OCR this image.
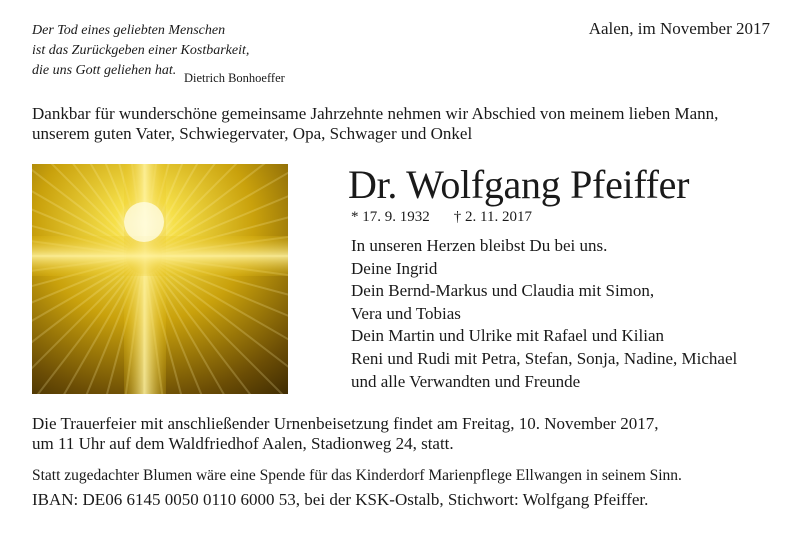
Der Tod eines geliebten Menschen
ist das Zurückgeben einer Kostbarkeit,
die uns Gott geliehen hat. Dietrich Bonhoeffer
Aalen, im November 2017
Dankbar für wunderschöne gemeinsame Jahrzehnte nehmen wir Abschied von meinem lieben Mann,
unserem guten Vater, Schwiegervater, Opa, Schwager und Onkel
Dr. Wolfgang Pfeiffer
* 17. 9. 1932 † 2. 11. 2017
In unseren Herzen bleibst Du bei uns.
Deine Ingrid
Dein Bernd-Markus und Claudia mit Simon,
Vera und Tobias
Dein Martin und Ulrike mit Rafael und Kilian
Reni und Rudi mit Petra, Stefan, Sonja, Nadine, Michael
und alle Verwandten und Freunde
Die Trauerfeier mit anschließender Urnenbeisetzung findet am Freitag, 10. November 2017,
um 11 Uhr auf dem Waldfriedhof Aalen, Stadionweg 24, statt.
Statt zugedachter Blumen wäre eine Spende für das Kinderdorf Marienpflege Ellwangen in seinem Sinn.
IBAN: DE06 6145 0050 0110 6000 53, bei der KSK-Ostalb, Stichwort: Wolfgang Pfeiffer.
